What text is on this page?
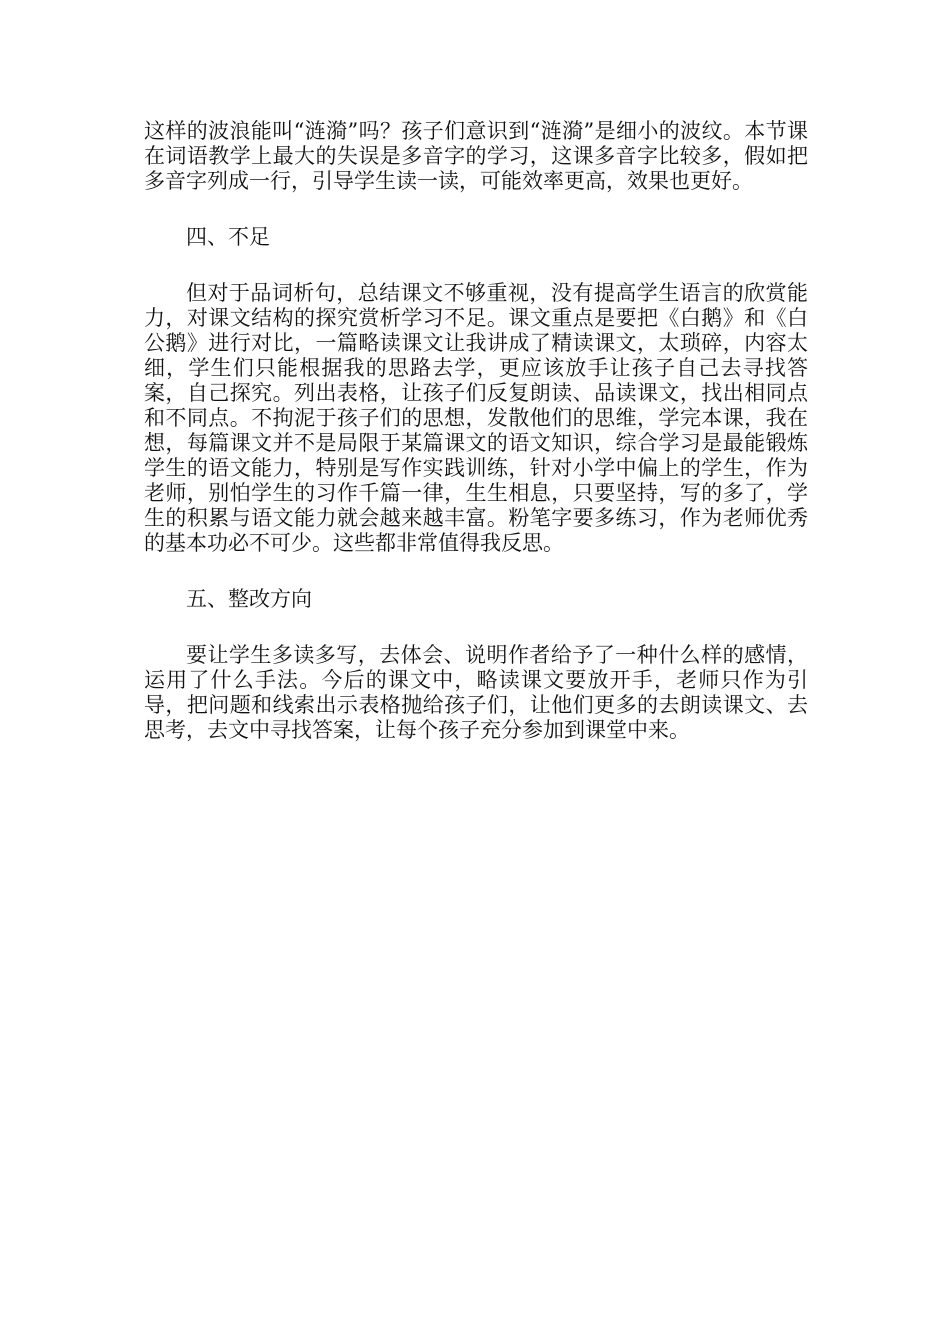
这样的波浪能叫“涟漪”吗？孩子们意识到“涟漪”是细小的波纹。本节课在词语教学上最大的失误是多音字的学习，这课多音字比较多，假如把多音字列成一行，引导学生读一读，可能效率更高，效果也更好。

四、不足

但对于品词析句，总结课文不够重视，没有提高学生语言的欣赏能力，对课文结构的探究赏析学习不足。课文重点是要把《白鹅》和《白公鹅》进行对比，一篇略读课文让我讲成了精读课文，太琐碎，内容太细，学生们只能根据我的思路去学，更应该放手让孩子自己去寻找答案，自己探究。列出表格，让孩子们反复朗读、品读课文，找出相同点和不同点。不拘泥于孩子们的思想，发散他们的思维，学完本课，我在想，每篇课文并不是局限于某篇课文的语文知识，综合学习是最能锻炼学生的语文能力，特别是写作实践训练，针对小学中偏上的学生，作为老师，别怕学生的习作千篇一律，生生相息，只要坚持，写的多了，学生的积累与语文能力就会越来越丰富。粉笔字要多练习，作为老师优秀的基本功必不可少。这些都非常值得我反思。

五、整改方向

要让学生多读多写，去体会、说明作者给予了一种什么样的感情，运用了什么手法。今后的课文中，略读课文要放开手，老师只作为引导，把问题和线索出示表格抛给孩子们，让他们更多的去朗读课文、去思考，去文中寻找答案，让每个孩子充分参加到课堂中来。
